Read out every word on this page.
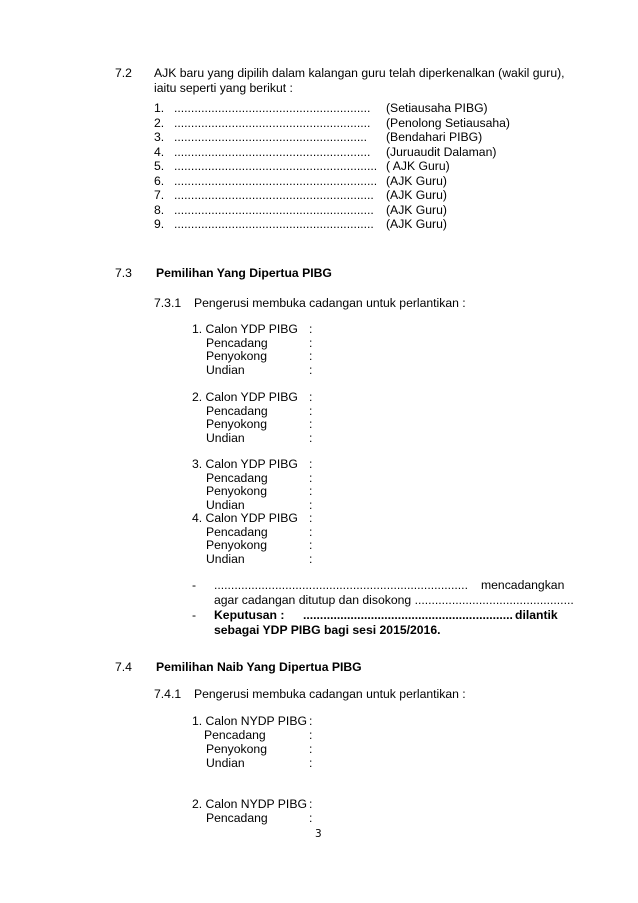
7.2 AJK baru yang dipilih dalam kalangan guru telah diperkenalkan (wakil guru),
iaitu seperti yang berikut :
1. .......................................................... (Setiausaha PIBG)
2. .......................................................... (Penolong Setiausaha)
3. ......................................................... (Bendahari PIBG)
4. .......................................................... (Juruaudit Dalaman)
5. ............................................................ ( AJK Guru)
6. ............................................................ (AJK Guru)
7. ........................................................... (AJK Guru)
8. ........................................................... (AJK Guru)
9. ........................................................... (AJK Guru)
7.3 Pemilihan Yang Dipertua PIBG
7.3.1 Pengerusi membuka cadangan untuk perlantikan :
1. Calon YDP PIBG :
Pencadang	:
Penyokong	:
Undian	:
2. Calon YDP PIBG :
Pencadang	:
Penyokong	:
Undian	:
3. Calon YDP PIBG :
Pencadang	:
Penyokong	:
Undian	:
4. Calon YDP PIBG :
Pencadang	:
Penyokong	:
Undian	:
- ........................................................................... mencadangkan
agar cadangan ditutup dan disokong ...............................................
- Keputusan : .............................................................. dilantik
sebagai YDP PIBG bagi sesi 2015/2016.
7.4 Pemilihan Naib Yang Dipertua PIBG
7.4.1 Pengerusi membuka cadangan untuk perlantikan :
1. Calon NYDP PIBG :
Pencadang	:
Penyokong	:
Undian	:
2. Calon NYDP PIBG :
Pencadang	:
3
